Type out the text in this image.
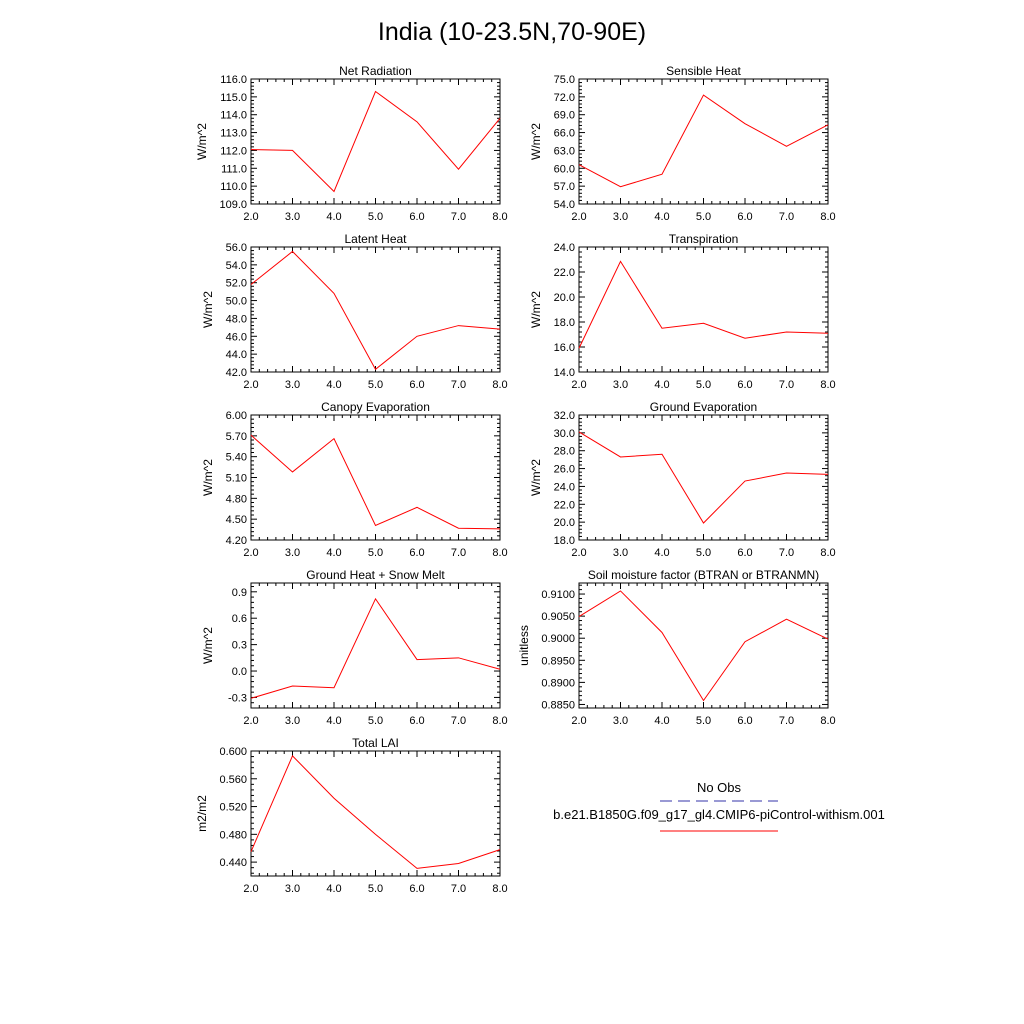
India (10-23.5N,70-90E)
Net Radiation
2.0 3.0 4.0 5.0 6.0 7.0 8.0
109.0
110.0
111.0
112.0
113.0
114.0
115.0
116.0
W/m^2
Sensible Heat
2.0 3.0 4.0 5.0 6.0 7.0 8.0
54.0
57.0
60.0
63.0
66.0
69.0
72.0
75.0
W/m^2
Latent Heat
2.0 3.0 4.0 5.0 6.0 7.0 8.0
42.0
44.0
46.0
48.0
50.0
52.0
54.0
56.0
W/m^2
Transpiration
2.0 3.0 4.0 5.0 6.0 7.0 8.0
14.0
16.0
18.0
20.0
22.0
24.0
W/m^2
Canopy Evaporation
2.0 3.0 4.0 5.0 6.0 7.0 8.0
4.20
4.50
4.80
5.10
5.40
5.70
6.00
W/m^2
Ground Evaporation
2.0 3.0 4.0 5.0 6.0 7.0 8.0
18.0
20.0
22.0
24.0
26.0
28.0
30.0
32.0
W/m^2
Ground Heat + Snow Melt
2.0 3.0 4.0 5.0 6.0 7.0 8.0
-0.3
0.0
0.3
0.6
0.9
W/m^2
Soil moisture factor (BTRAN or BTRANMN)
2.0 3.0 4.0 5.0 6.0 7.0 8.0
0.8850
0.8900
0.8950
0.9000
0.9050
0.9100
unitless
Total LAI
2.0 3.0 4.0 5.0 6.0 7.0 8.0
0.440
0.480
0.520
0.560
0.600
m2/m2
No Obs
b.e21.B1850G.f09_g17_gl4.CMIP6-piControl-withism.001
